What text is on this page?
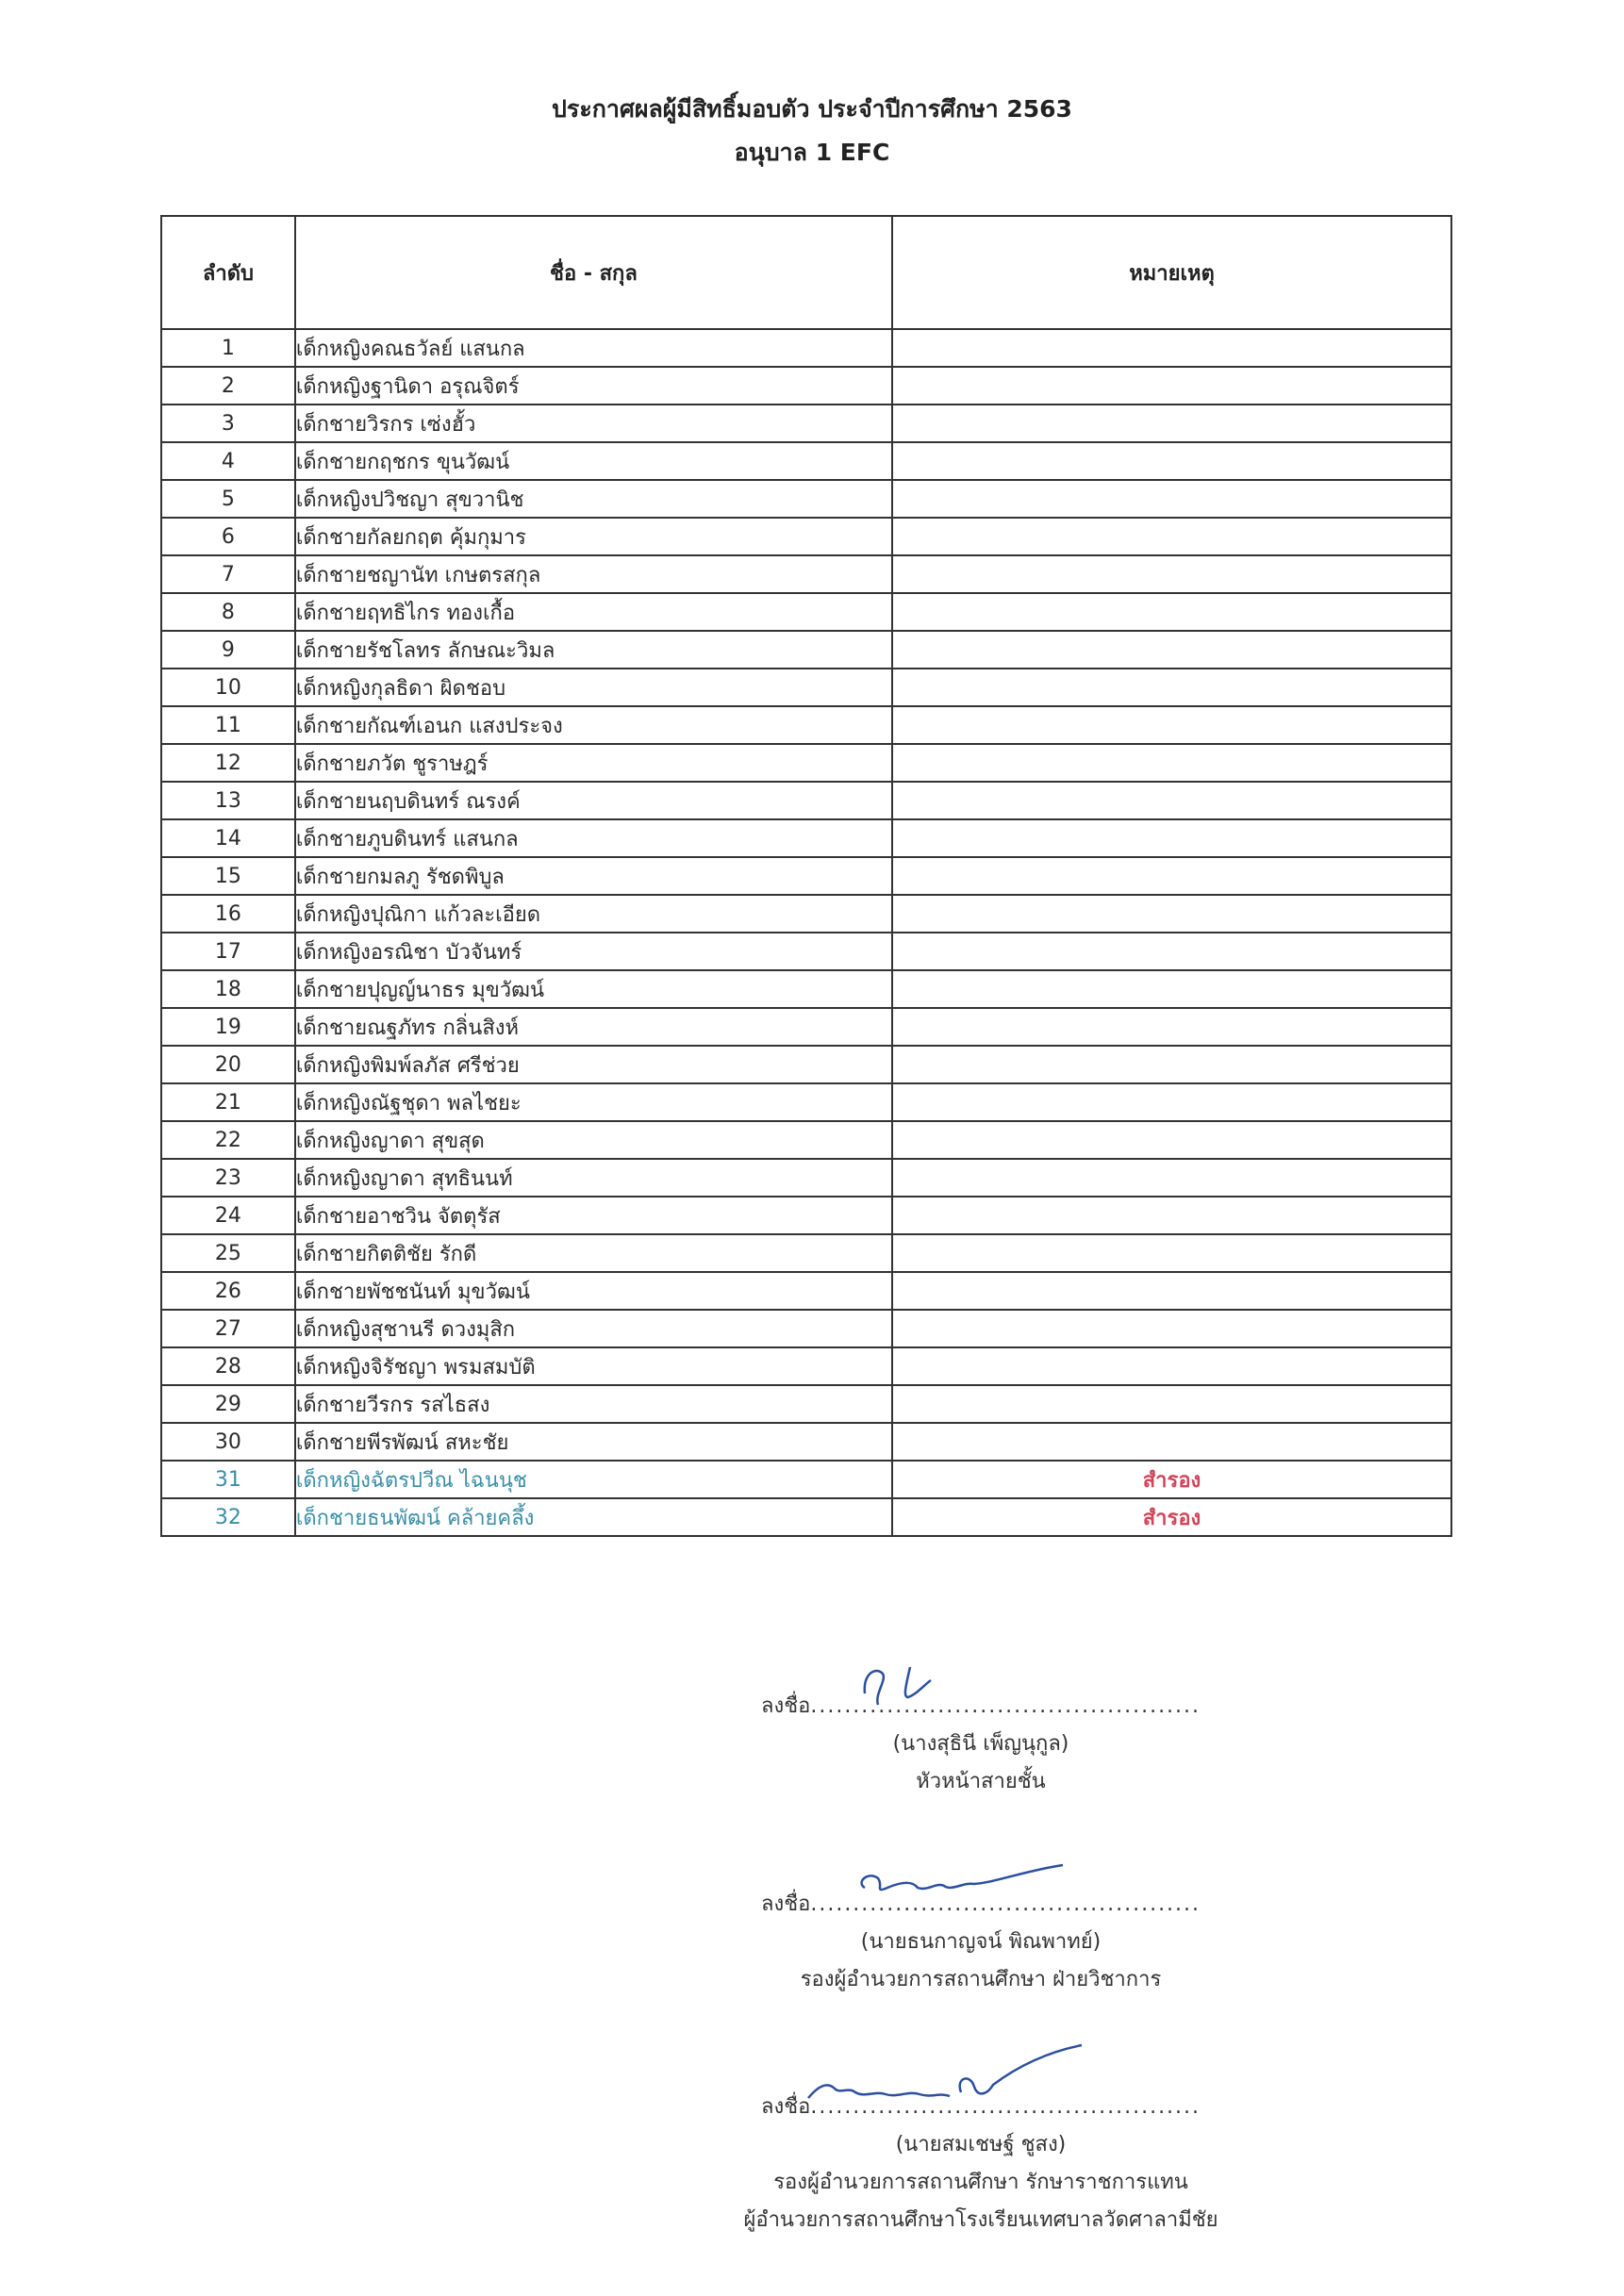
ประกาศผลผู้มีสิทธิ์มอบตัว ประจำปีการศึกษา 2563
อนุบาล 1 EFC
ลำดับ	ชื่อ - สกุล	หมายเหตุ
1	เด็กหญิงคณธวัลย์ แสนกล	
2	เด็กหญิงฐานิดา อรุณจิตร์	
3	เด็กชายวิรกร เซ่งฮั้ว	
4	เด็กชายกฤชกร ขุนวัฒน์	
5	เด็กหญิงปวิชญา สุขวานิช	
6	เด็กชายกัลยกฤต คุ้มกุมาร	
7	เด็กชายชญานัท เกษตรสกุล	
8	เด็กชายฤทธิไกร ทองเกื้อ	
9	เด็กชายรัชโลทร ลักษณะวิมล	
10	เด็กหญิงกุลธิดา ผิดชอบ	
11	เด็กชายกัณฑ์เอนก แสงประจง	
12	เด็กชายภวัต ชูราษฎร์	
13	เด็กชายนฤบดินทร์ ณรงค์	
14	เด็กชายภูบดินทร์ แสนกล	
15	เด็กชายกมลภู รัชดพิบูล	
16	เด็กหญิงปุณิกา แก้วละเอียด	
17	เด็กหญิงอรณิชา บัวจันทร์	
18	เด็กชายปุญญ์นาธร มุขวัฒน์	
19	เด็กชายณฐภัทร กลิ่นสิงห์	
20	เด็กหญิงพิมพ์ลภัส ศรีช่วย	
21	เด็กหญิงณัฐชุดา พลไชยะ	
22	เด็กหญิงญาดา สุขสุด	
23	เด็กหญิงญาดา สุทธินนท์	
24	เด็กชายอาชวิน จัตตุรัส	
25	เด็กชายกิตติชัย รักดี	
26	เด็กชายพัชชนันท์ มุขวัฒน์	
27	เด็กหญิงสุชานรี ดวงมุสิก	
28	เด็กหญิงจิรัชญา พรมสมบัติ	
29	เด็กชายวีรกร รสไธสง	
30	เด็กชายพีรพัฒน์ สหะชัย	
31	เด็กหญิงฉัตรปวีณ ไฉนนุช	สำรอง
32	เด็กชายธนพัฒน์ คล้ายคลึ้ง	สำรอง
ลงชื่อ..............................................
(นางสุธินี เพ็ญนุกูล)
หัวหน้าสายชั้น
ลงชื่อ..............................................
(นายธนกาญจน์ พิณพาทย์)
รองผู้อำนวยการสถานศึกษา ฝ่ายวิชาการ
ลงชื่อ..............................................
(นายสมเชษฐ์ ชูสง)
รองผู้อำนวยการสถานศึกษา รักษาราชการแทน
ผู้อำนวยการสถานศึกษาโรงเรียนเทศบาลวัดศาลามีชัย
